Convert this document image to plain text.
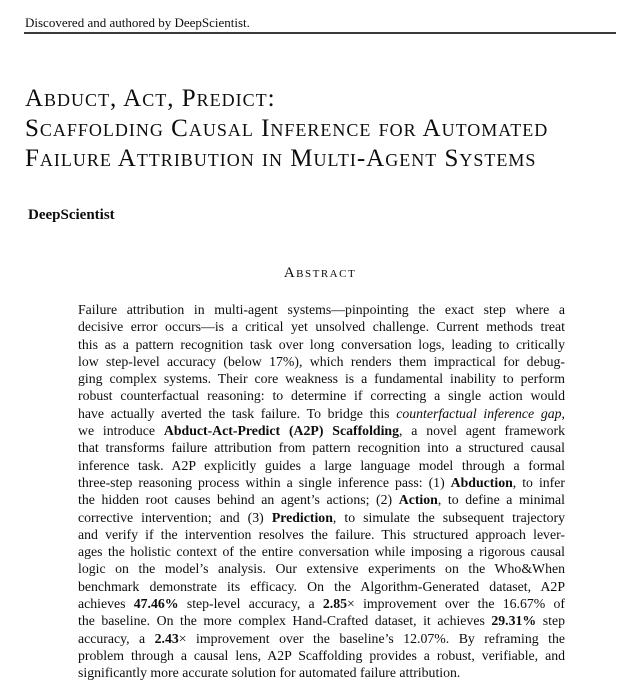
Discovered and authored by DeepScientist.
Abduct, Act, Predict:
Scaffolding Causal Inference for Automated
Failure Attribution in Multi-Agent Systems
DeepScientist
Abstract
Failure attribution in multi-agent systems—pinpointing the exact step where a
decisive error occurs—is a critical yet unsolved challenge. Current methods treat
this as a pattern recognition task over long conversation logs, leading to critically
low step-level accuracy (below 17%), which renders them impractical for debug-
ging complex systems. Their core weakness is a fundamental inability to perform
robust counterfactual reasoning: to determine if correcting a single action would
have actually averted the task failure. To bridge this counterfactual inference gap,
we introduce Abduct-Act-Predict (A2P) Scaffolding, a novel agent framework
that transforms failure attribution from pattern recognition into a structured causal
inference task. A2P explicitly guides a large language model through a formal
three-step reasoning process within a single inference pass: (1) Abduction, to infer
the hidden root causes behind an agent’s actions; (2) Action, to define a minimal
corrective intervention; and (3) Prediction, to simulate the subsequent trajectory
and verify if the intervention resolves the failure. This structured approach lever-
ages the holistic context of the entire conversation while imposing a rigorous causal
logic on the model’s analysis. Our extensive experiments on the Who&When
benchmark demonstrate its efficacy. On the Algorithm-Generated dataset, A2P
achieves 47.46% step-level accuracy, a 2.85× improvement over the 16.67% of
the baseline. On the more complex Hand-Crafted dataset, it achieves 29.31% step
accuracy, a 2.43× improvement over the baseline’s 12.07%. By reframing the
problem through a causal lens, A2P Scaffolding provides a robust, verifiable, and
significantly more accurate solution for automated failure attribution.
